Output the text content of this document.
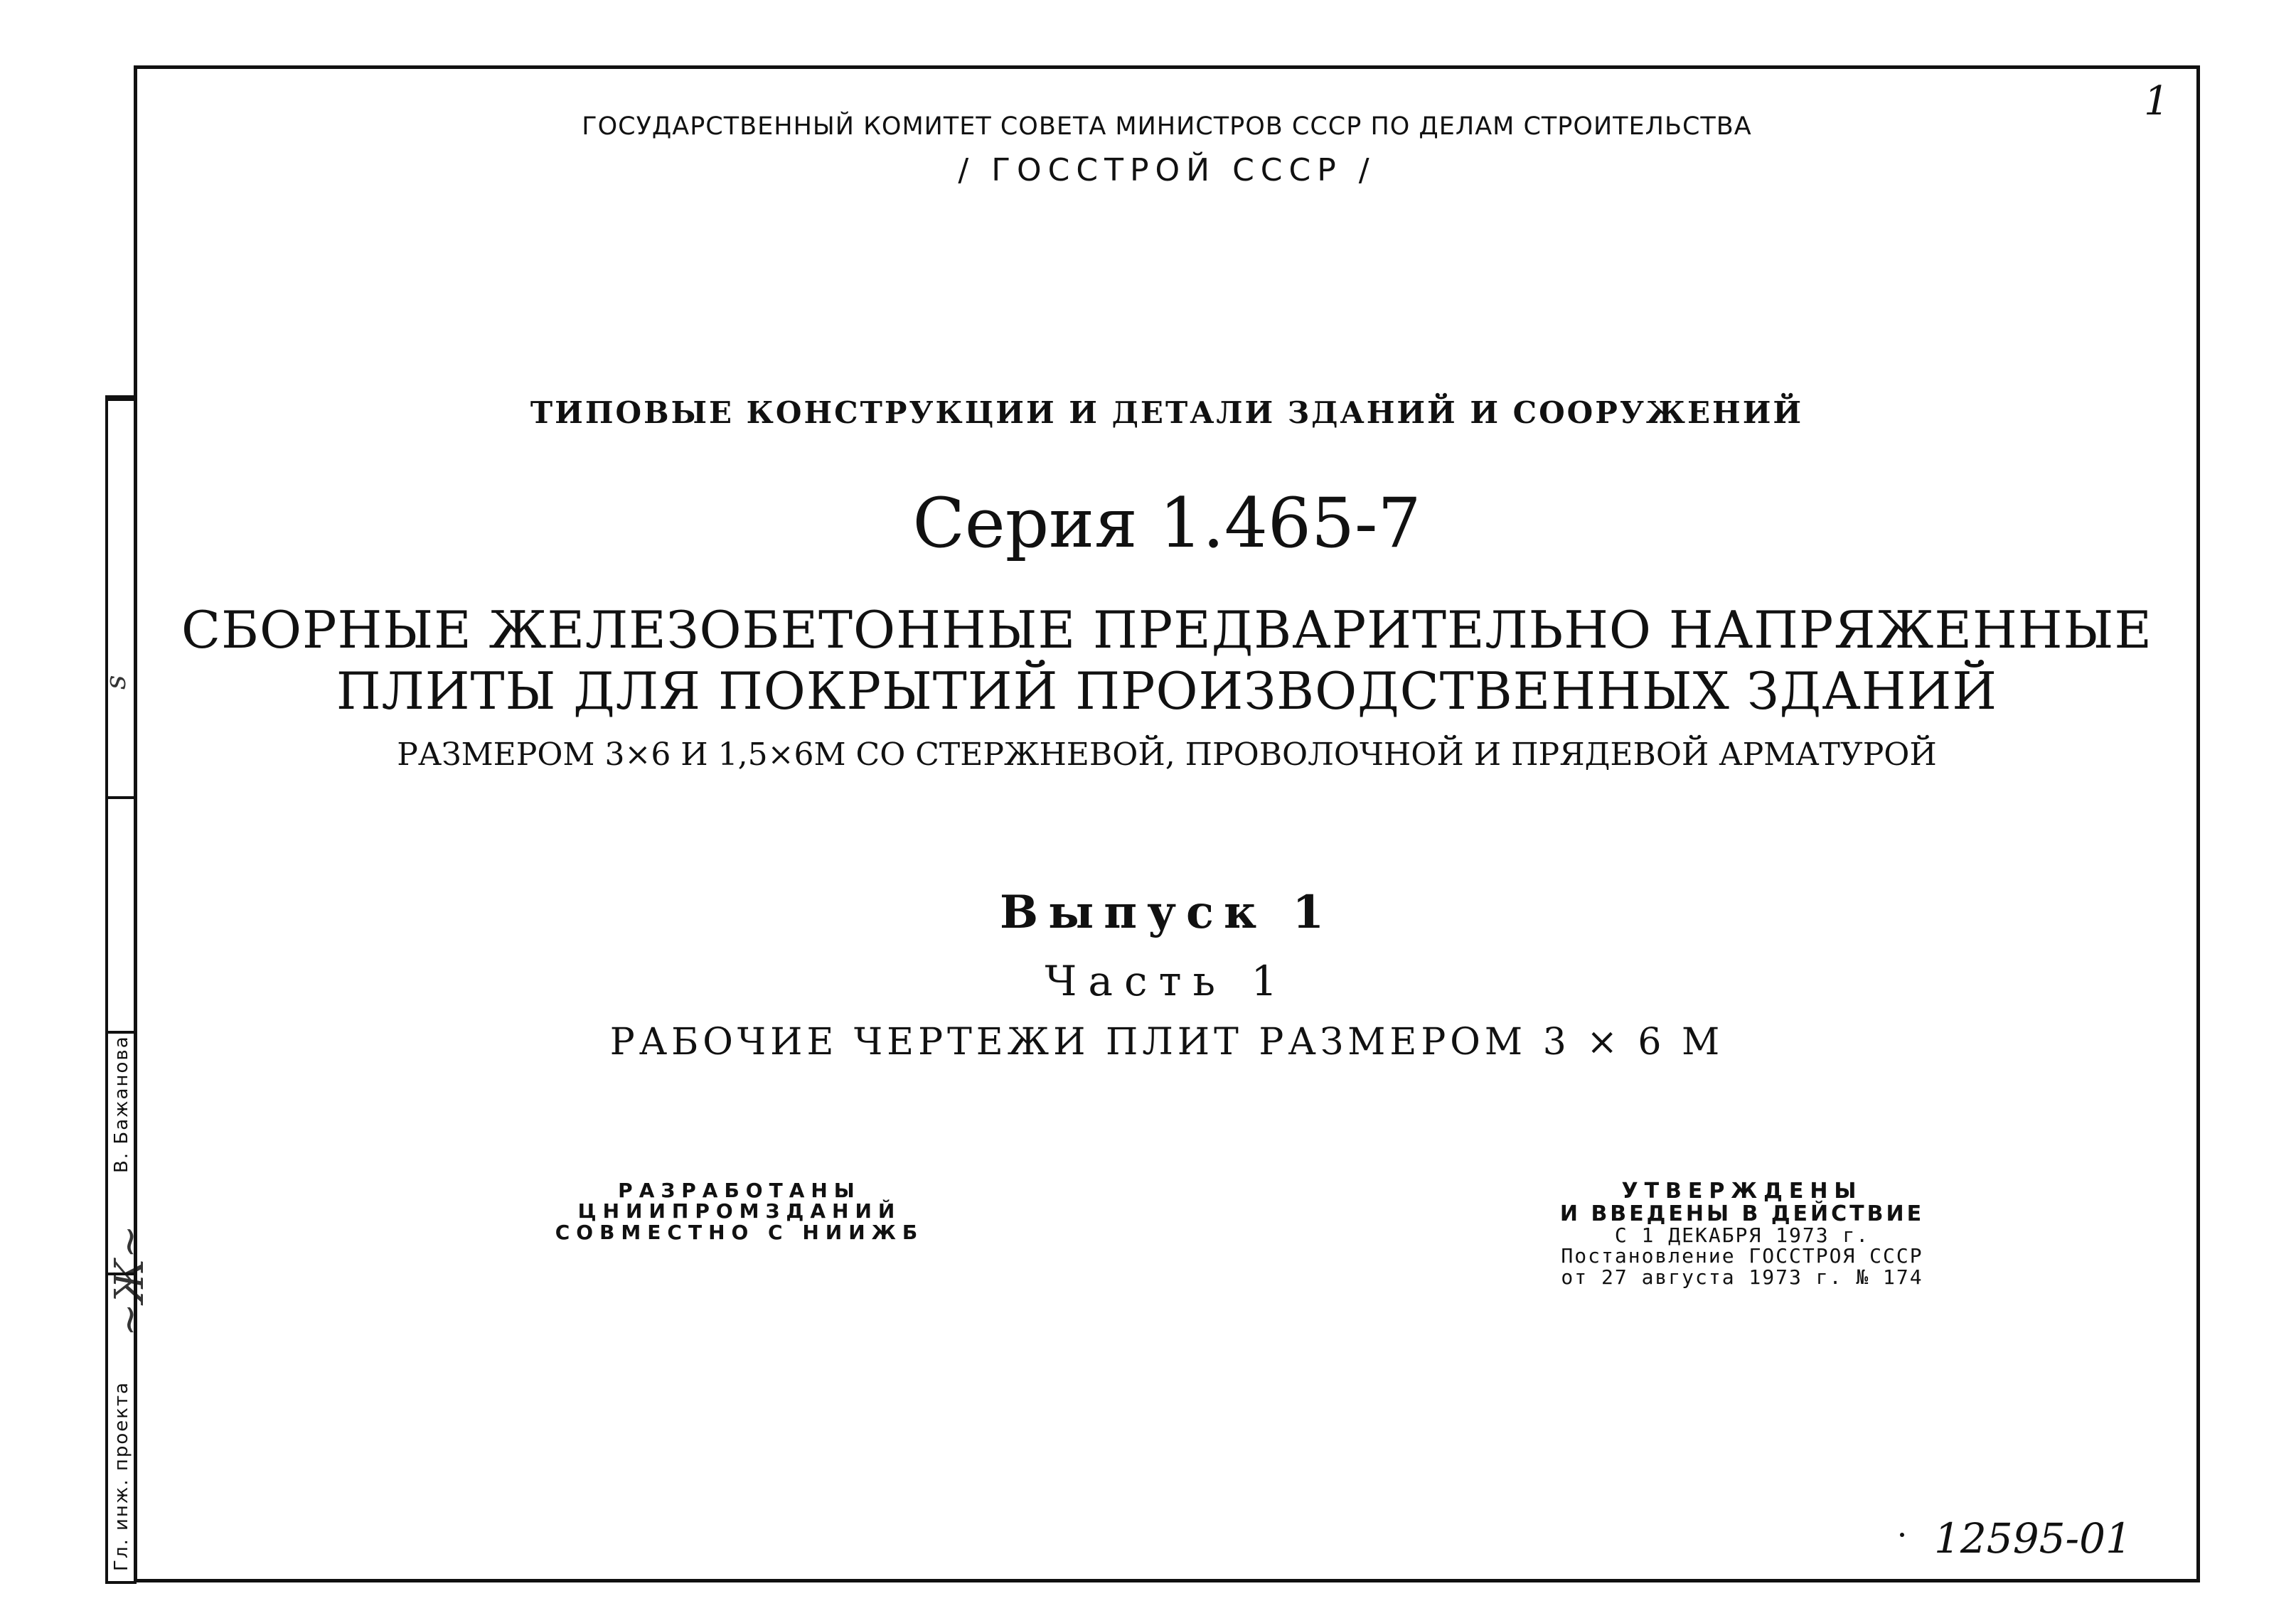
В. Бажанова
Гл. инж. проекта
~Ж~
s
1
ГОСУДАРСТВЕННЫЙ КОМИТЕТ СОВЕТА МИНИСТРОВ СССР ПО ДЕЛАМ СТРОИТЕЛЬСТВА
/ ГОССТРОЙ СССР /
ТИПОВЫЕ КОНСТРУКЦИИ И ДЕТАЛИ ЗДАНИЙ И СООРУЖЕНИЙ
Серия 1.465-7
СБОРНЫЕ ЖЕЛЕЗОБЕТОННЫЕ ПРЕДВАРИТЕЛЬНО НАПРЯЖЕННЫЕ
ПЛИТЫ ДЛЯ ПОКРЫТИЙ ПРОИЗВОДСТВЕННЫХ ЗДАНИЙ
РАЗМЕРОМ 3×6 И 1,5×6М СО СТЕРЖНЕВОЙ, ПРОВОЛОЧНОЙ И ПРЯДЕВОЙ АРМАТУРОЙ
Выпуск 1
Часть 1
РАБОЧИЕ ЧЕРТЕЖИ ПЛИТ РАЗМЕРОМ 3 × 6 М
РАЗРАБОТАНЫ
ЦНИИПРОМЗДАНИЙ
СОВМЕСТНО С НИИЖБ
УТВЕРЖДЕНЫ
И ВВЕДЕНЫ В ДЕЙСТВИЕ
С 1 ДЕКАБРЯ 1973 г.
Постановление ГОССТРОЯ СССР
от 27 августа 1973 г. № 174
12595-01
